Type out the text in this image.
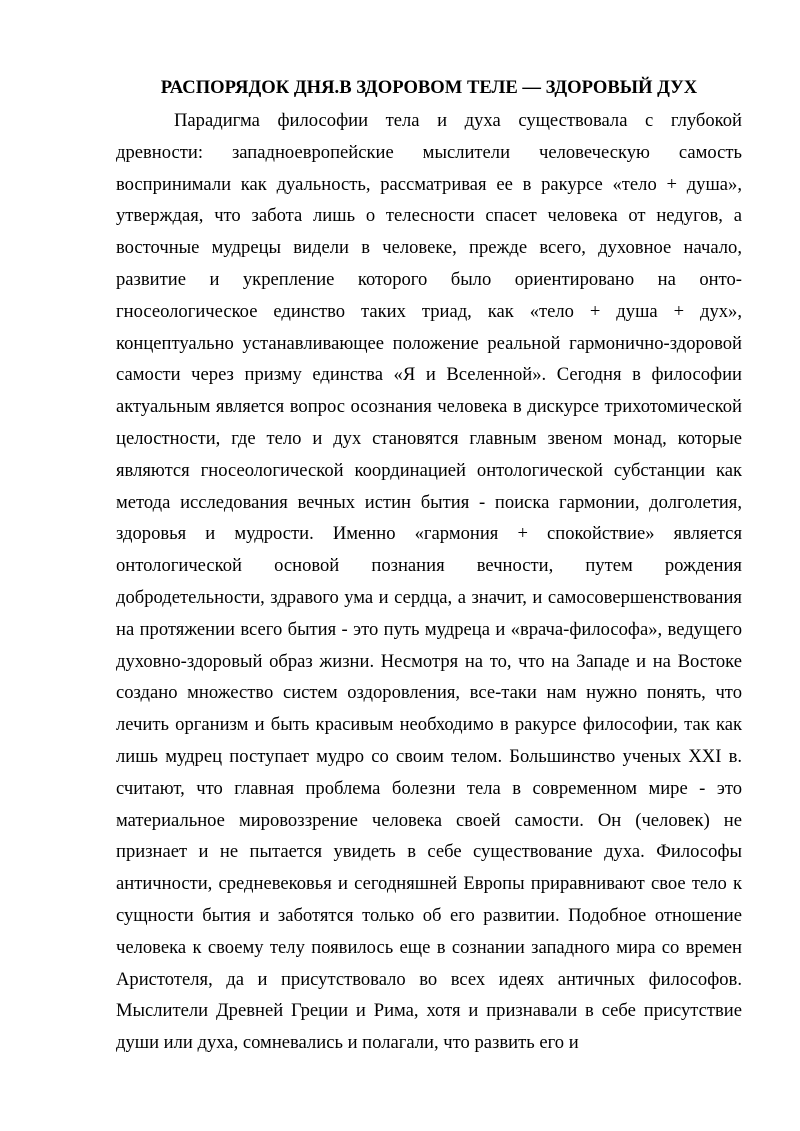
РАСПОРЯДОК ДНЯ.В ЗДОРОВОМ ТЕЛЕ — ЗДОРОВЫЙ ДУХ

Парадигма философии тела и духа существовала с глубокой древности: западноевропейские мыслители человеческую самость воспринимали как дуальность, рассматривая ее в ракурсе «тело + душа», утверждая, что забота лишь о телесности спасет человека от недугов, а восточные мудрецы видели в человеке, прежде всего, духовное начало, развитие и укрепление которого было ориентировано на онто-гносеологическое единство таких триад, как «тело + душа + дух», концептуально устанавливающее положение реальной гармонично-здоровой самости через призму единства «Я и Вселенной». Сегодня в философии актуальным является вопрос осознания человека в дискурсе трихотомической целостности, где тело и дух становятся главным звеном монад, которые являются гносеологической координацией онтологической субстанции как метода исследования вечных истин бытия - поиска гармонии, долголетия, здоровья и мудрости. Именно «гармония + спокойствие» является онтологической основой познания вечности, путем рождения добродетельности, здравого ума и сердца, а значит, и самосовершенствования на протяжении всего бытия - это путь мудреца и «врача-философа», ведущего духовно-здоровый образ жизни. Несмотря на то, что на Западе и на Востоке создано множество систем оздоровления, все-таки нам нужно понять, что лечить организм и быть красивым необходимо в ракурсе философии, так как лишь мудрец поступает мудро со своим телом. Большинство ученых XXI в. считают, что главная проблема болезни тела в современном мире - это материальное мировоззрение человека своей самости. Он (человек) не признает и не пытается увидеть в себе существование духа. Философы античности, средневековья и сегодняшней Европы приравнивают свое тело к сущности бытия и заботятся только об его развитии. Подобное отношение человека к своему телу появилось еще в сознании западного мира со времен Аристотеля, да и присутствовало во всех идеях античных философов. Мыслители Древней Греции и Рима, хотя и признавали в себе присутствие души или духа, сомневались и полагали, что развить его и
